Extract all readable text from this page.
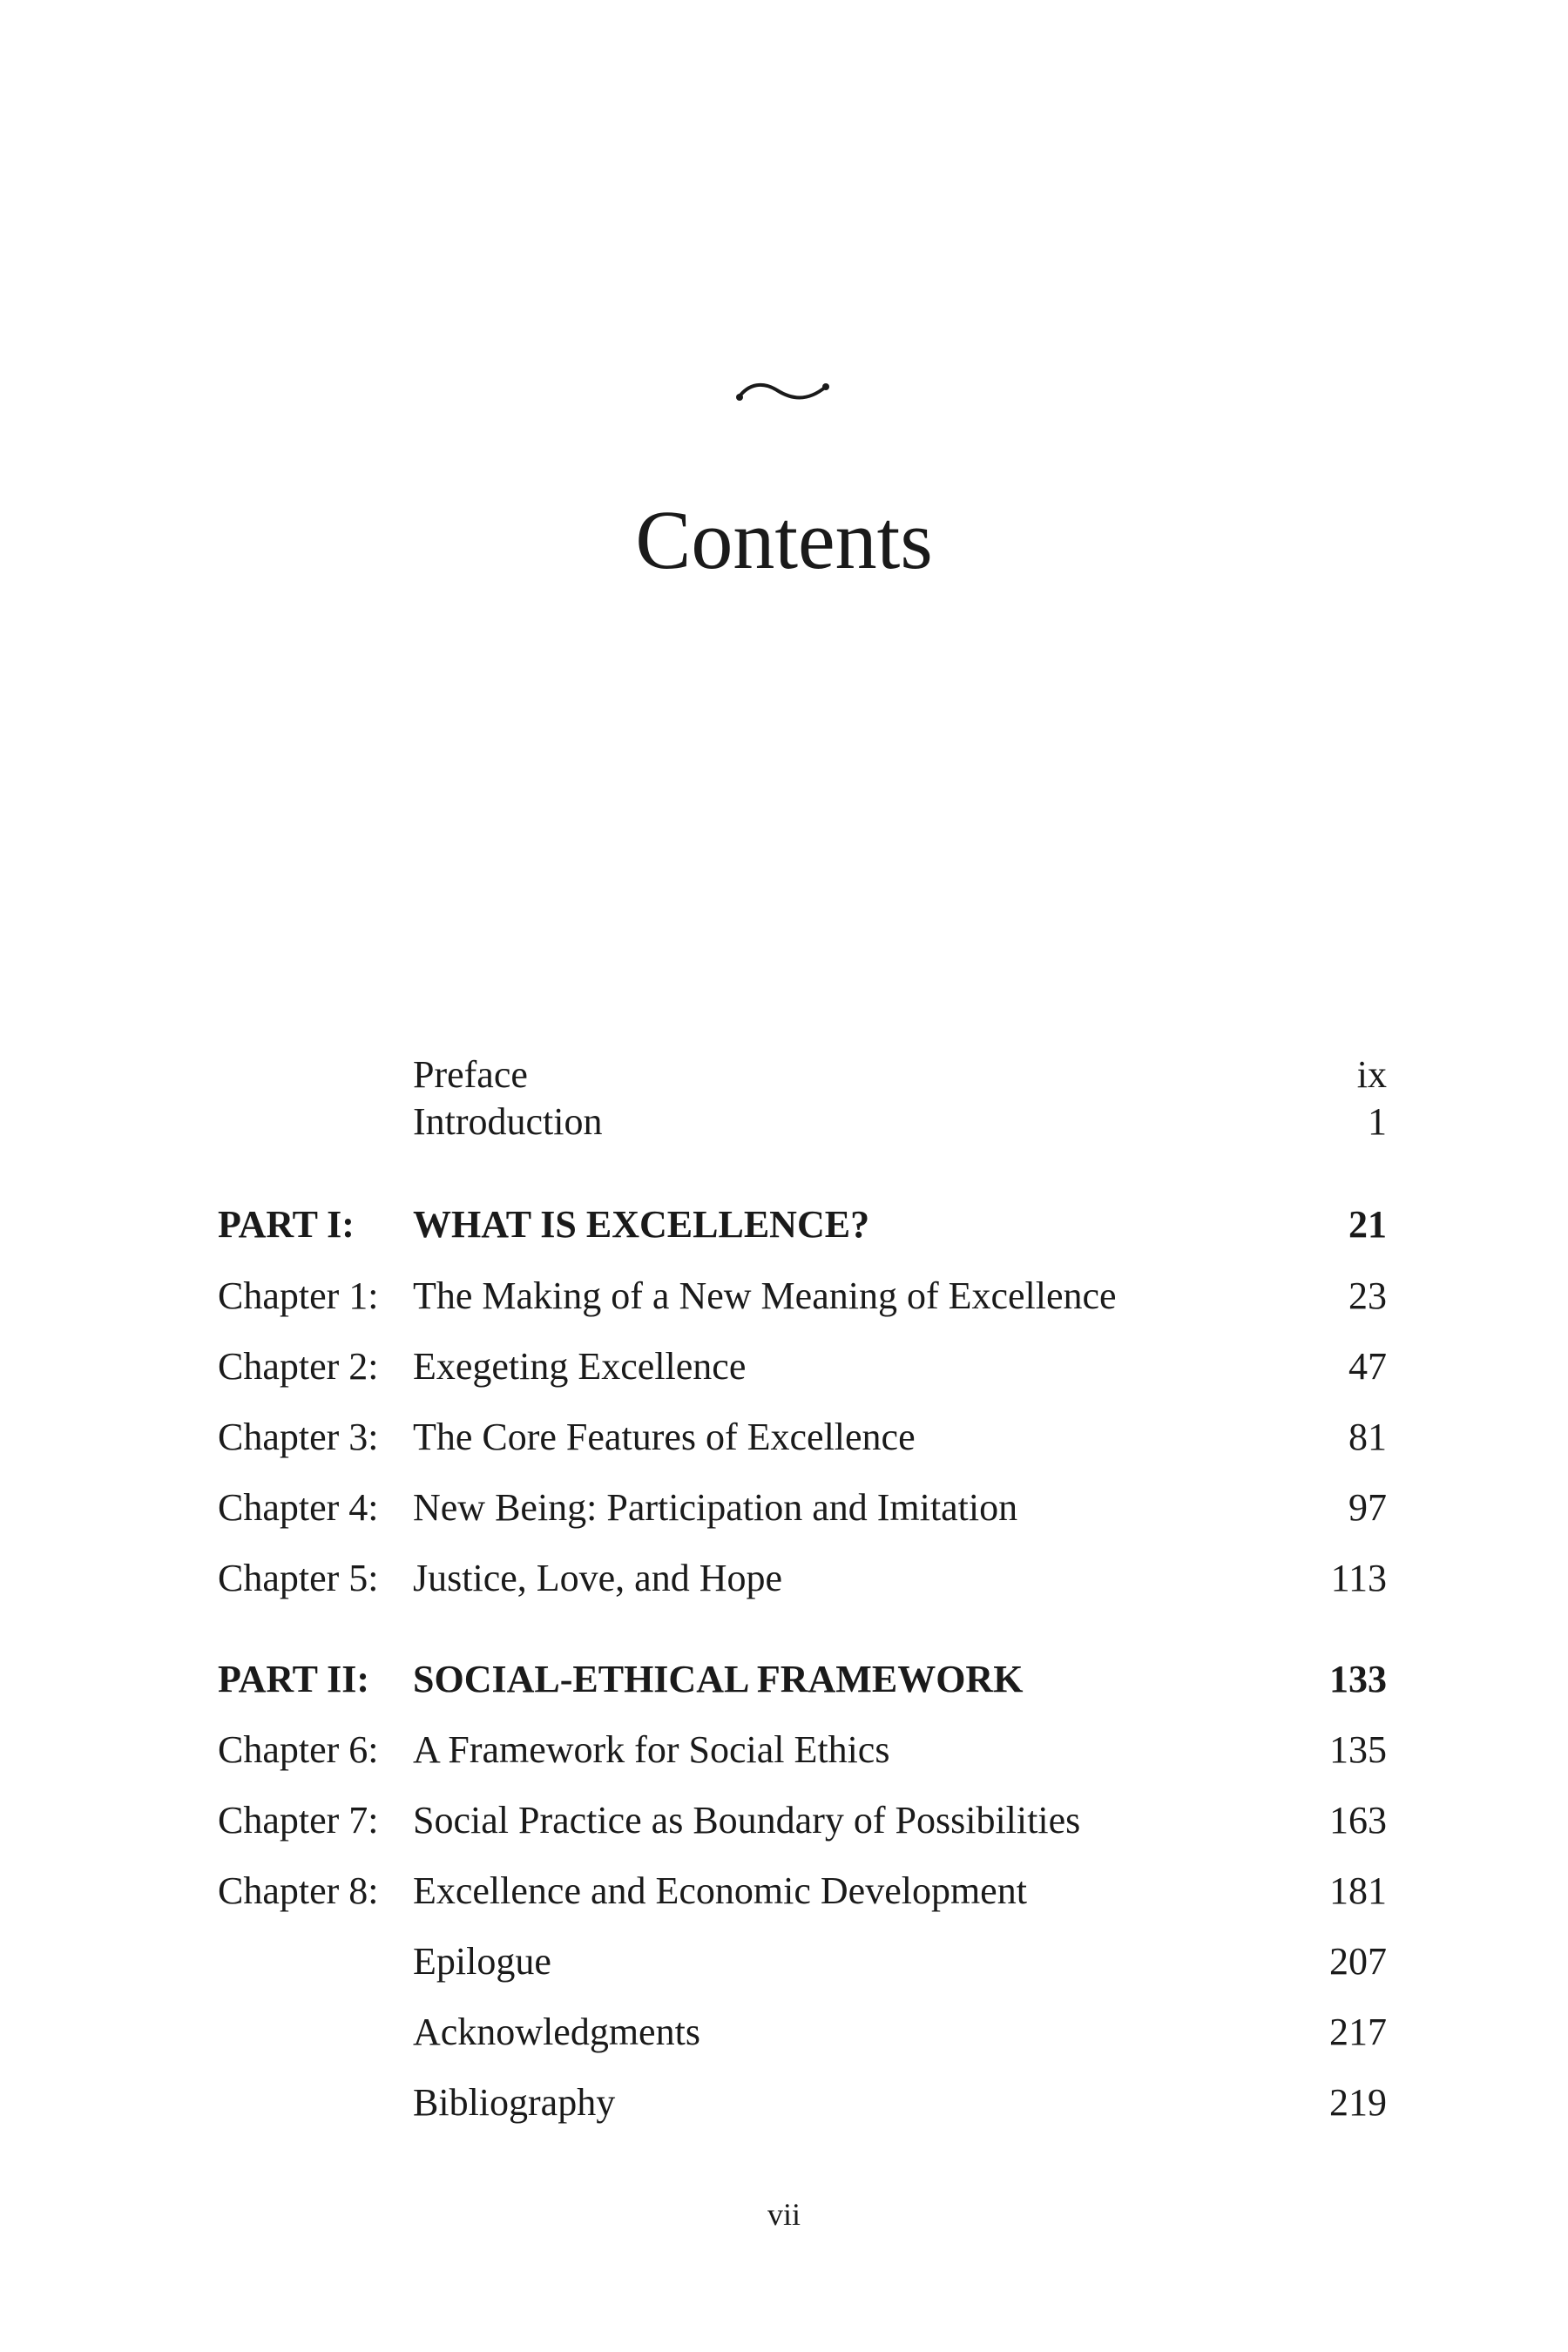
Contents
Preface	ix
Introduction	1
PART I: WHAT IS EXCELLENCE?	21
Chapter 1: The Making of a New Meaning of Excellence	23
Chapter 2: Exegeting Excellence	47
Chapter 3: The Core Features of Excellence	81
Chapter 4: New Being: Participation and Imitation	97
Chapter 5: Justice, Love, and Hope	113
PART II: SOCIAL-ETHICAL FRAMEWORK	133
Chapter 6: A Framework for Social Ethics	135
Chapter 7: Social Practice as Boundary of Possibilities	163
Chapter 8: Excellence and Economic Development	181
Epilogue	207
Acknowledgments	217
Bibliography	219
vii
